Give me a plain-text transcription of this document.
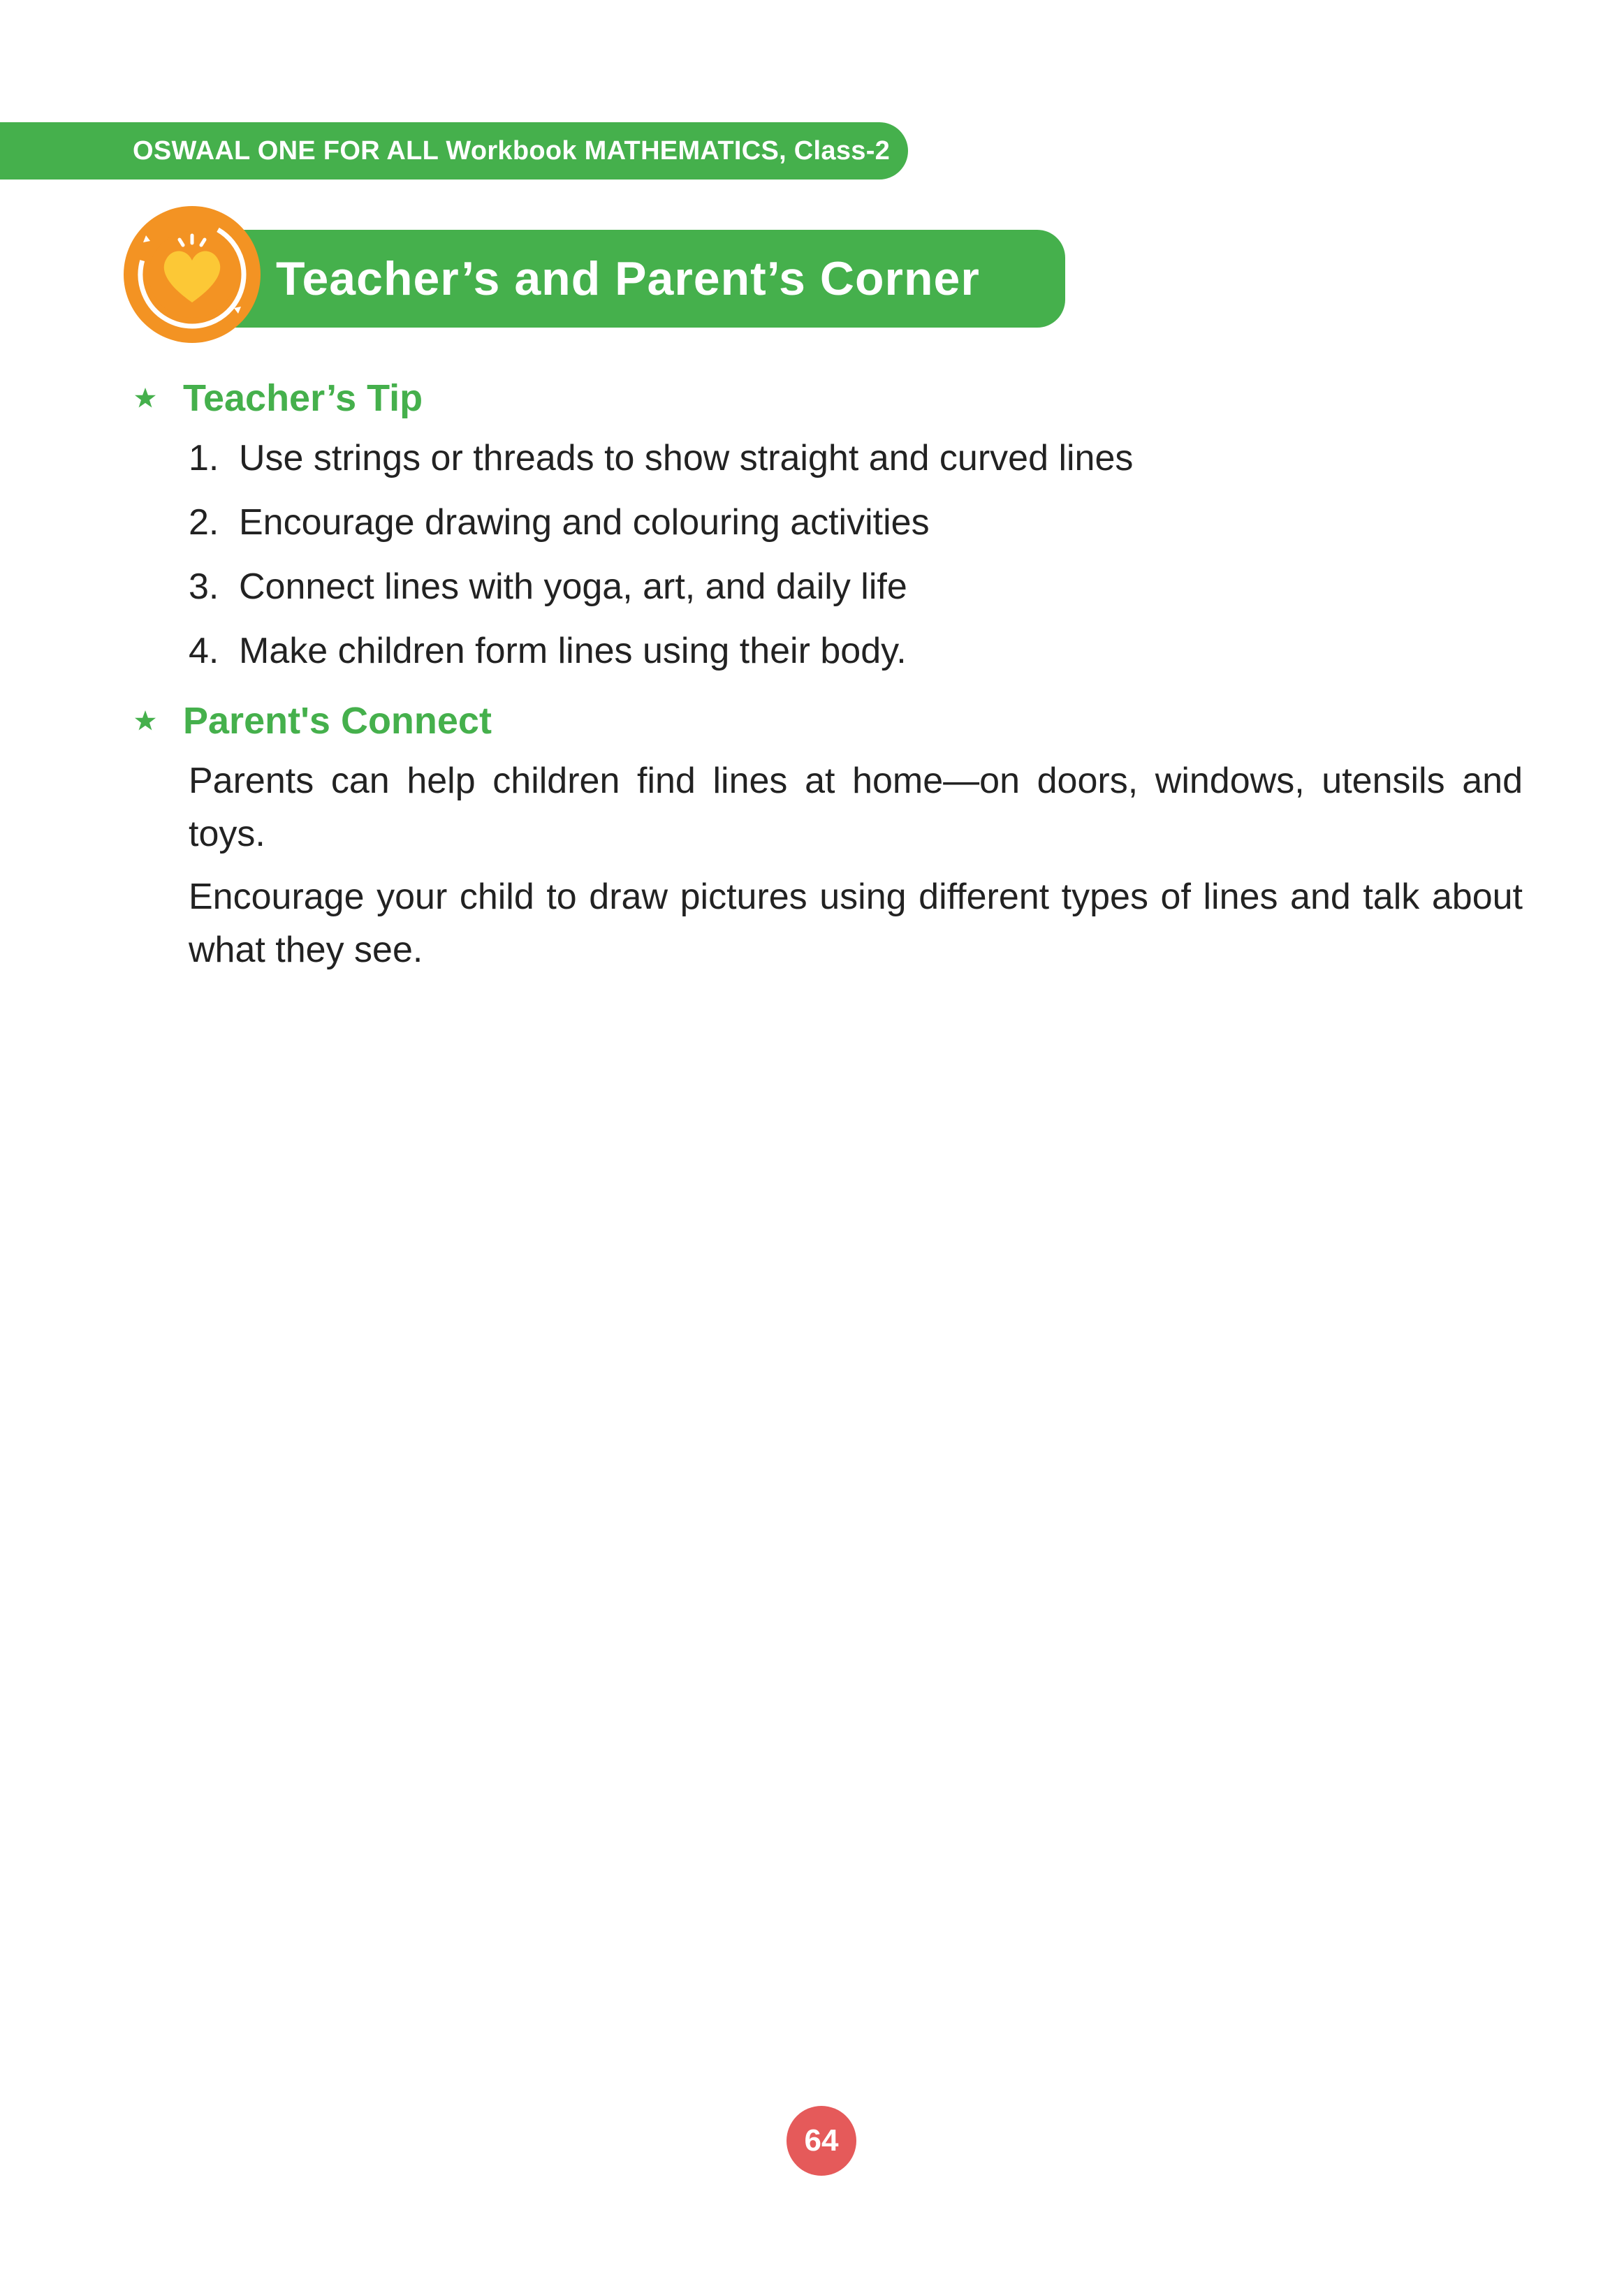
OSWAAL ONE FOR ALL Workbook MATHEMATICS, Class-2
Teacher’s and Parent’s Corner
Teacher’s Tip
1. Use strings or threads to show straight and curved lines
2. Encourage drawing and colouring activities
3. Connect lines with yoga, art, and daily life
4. Make children form lines using their body.
Parent's Connect

Parents can help children find lines at home—on doors, windows, utensils and toys.

Encourage your child to draw pictures using different types of lines and talk about what they see.

64
